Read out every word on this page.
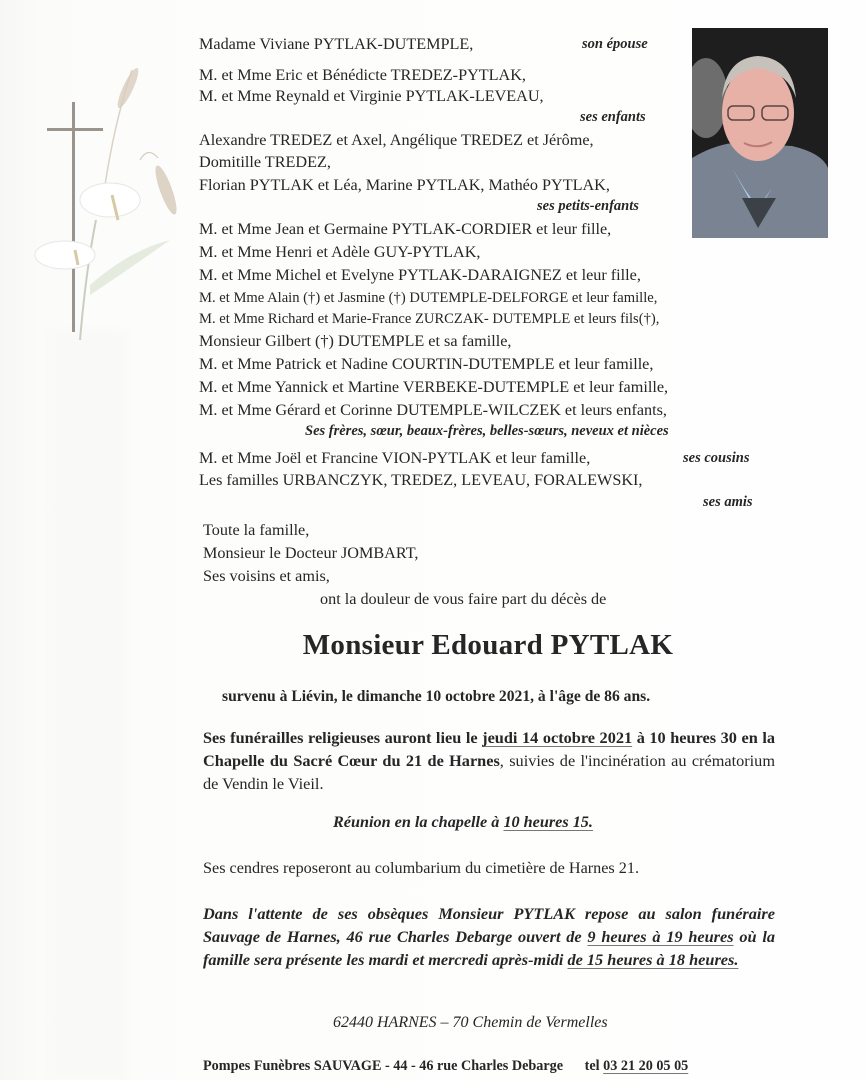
Madame Viviane PYTLAK-DUTEMPLE,	son épouse
M. et Mme Eric et Bénédicte TREDEZ-PYTLAK,
M. et Mme Reynald et Virginie PYTLAK-LEVEAU,
ses enfants
Alexandre TREDEZ et Axel, Angélique TREDEZ et Jérôme,
Domitille TREDEZ,
Florian PYTLAK et Léa, Marine PYTLAK, Mathéo PYTLAK,
ses petits-enfants
M. et Mme Jean et Germaine PYTLAK-CORDIER et leur fille,
M. et Mme Henri et Adèle GUY-PYTLAK,
M. et Mme Michel et Evelyne PYTLAK-DARAIGNEZ et leur fille,
M. et Mme Alain (†) et Jasmine (†) DUTEMPLE-DELFORGE et leur famille,
M. et Mme Richard et Marie-France ZURCZAK- DUTEMPLE et leurs fils(†),
Monsieur Gilbert (†) DUTEMPLE et sa famille,
M. et Mme Patrick et Nadine COURTIN-DUTEMPLE et leur famille,
M. et Mme Yannick et Martine VERBEKE-DUTEMPLE et leur famille,
M. et Mme Gérard et Corinne DUTEMPLE-WILCZEK et leurs enfants,
Ses frères, sœur, beaux-frères, belles-sœurs, neveux et nièces
M. et Mme Joël et Francine VION-PYTLAK et leur famille,	ses cousins
Les familles URBANCZYK, TREDEZ, LEVEAU, FORALEWSKI,
ses amis
Toute la famille,
Monsieur le Docteur JOMBART,
Ses voisins et amis,
ont la douleur de vous faire part du décès de
Monsieur Edouard PYTLAK
survenu à Liévin, le dimanche 10 octobre 2021, à l'âge de 86 ans.
Ses funérailles religieuses auront lieu le jeudi 14 octobre 2021 à 10 heures 30 en la Chapelle du Sacré Cœur du 21 de Harnes, suivies de l'incinération au crématorium de Vendin le Vieil.
Réunion en la chapelle à 10 heures 15.
Ses cendres reposeront au columbarium du cimetière de Harnes 21.
Dans l'attente de ses obsèques Monsieur PYTLAK repose au salon funéraire Sauvage de Harnes, 46 rue Charles Debarge ouvert de 9 heures à 19 heures où la famille sera présente les mardi et mercredi après-midi de 15 heures à 18 heures.
62440 HARNES – 70 Chemin de Vermelles
Pompes Funèbres SAUVAGE - 44 - 46 rue Charles Debarge tel 03 21 20 05 05
